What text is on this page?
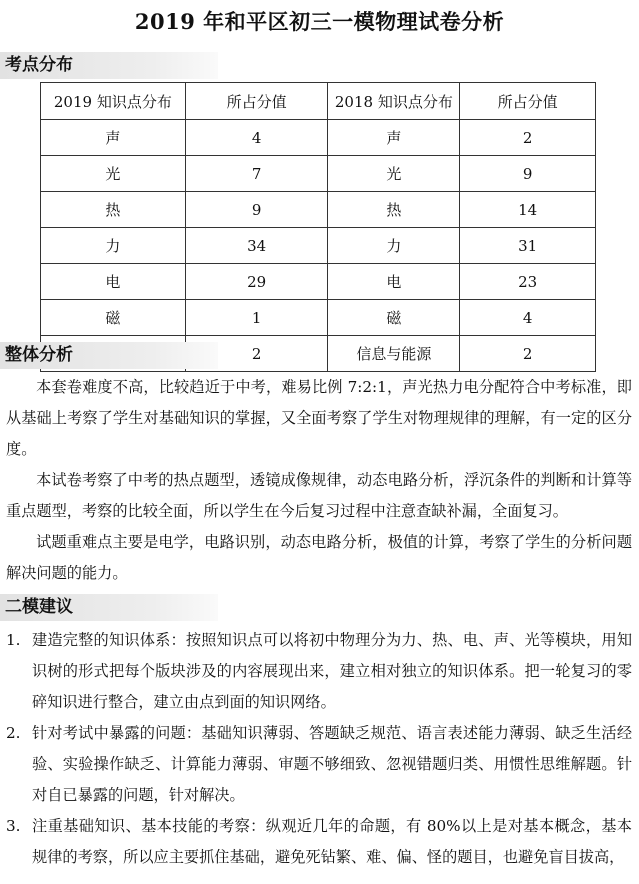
2019 年和平区初三一模物理试卷分析
考点分布
2019 知识点分布	所占分值	2018 知识点分布	所占分值
声	4	声	2
光	7	光	9
热	9	热	14
力	34	力	31
电	29	电	23
磁	1	磁	4
	2	信息与能源	2
整体分析

本套卷难度不高，比较趋近于中考，难易比例 7:2:1，声光热力电分配符合中考标准，即从基础上考察了学生对基础知识的掌握，又全面考察了学生对物理规律的理解，有一定的区分度。

本试卷考察了中考的热点题型，透镜成像规律，动态电路分析，浮沉条件的判断和计算等重点题型，考察的比较全面，所以学生在今后复习过程中注意查缺补漏，全面复习。

试题重难点主要是电学，电路识别，动态电路分析，极值的计算，考察了学生的分析问题解决问题的能力。

二模建议
1. 建造完整的知识体系：按照知识点可以将初中物理分为力、热、电、声、光等模块，用知识树的形式把每个版块涉及的内容展现出来，建立相对独立的知识体系。把一轮复习的零碎知识进行整合，建立由点到面的知识网络。
2. 针对考试中暴露的问题：基础知识薄弱、答题缺乏规范、语言表述能力薄弱、缺乏生活经验、实验操作缺乏、计算能力薄弱、审题不够细致、忽视错题归类、用惯性思维解题。针对自已暴露的问题，针对解决。
3. 注重基础知识、基本技能的考察：纵观近几年的命题，有 80%以上是对基本概念，基本规律的考察，所以应主要抓住基础，避免死钻繁、难、偏、怪的题目，也避免盲目拔高，
